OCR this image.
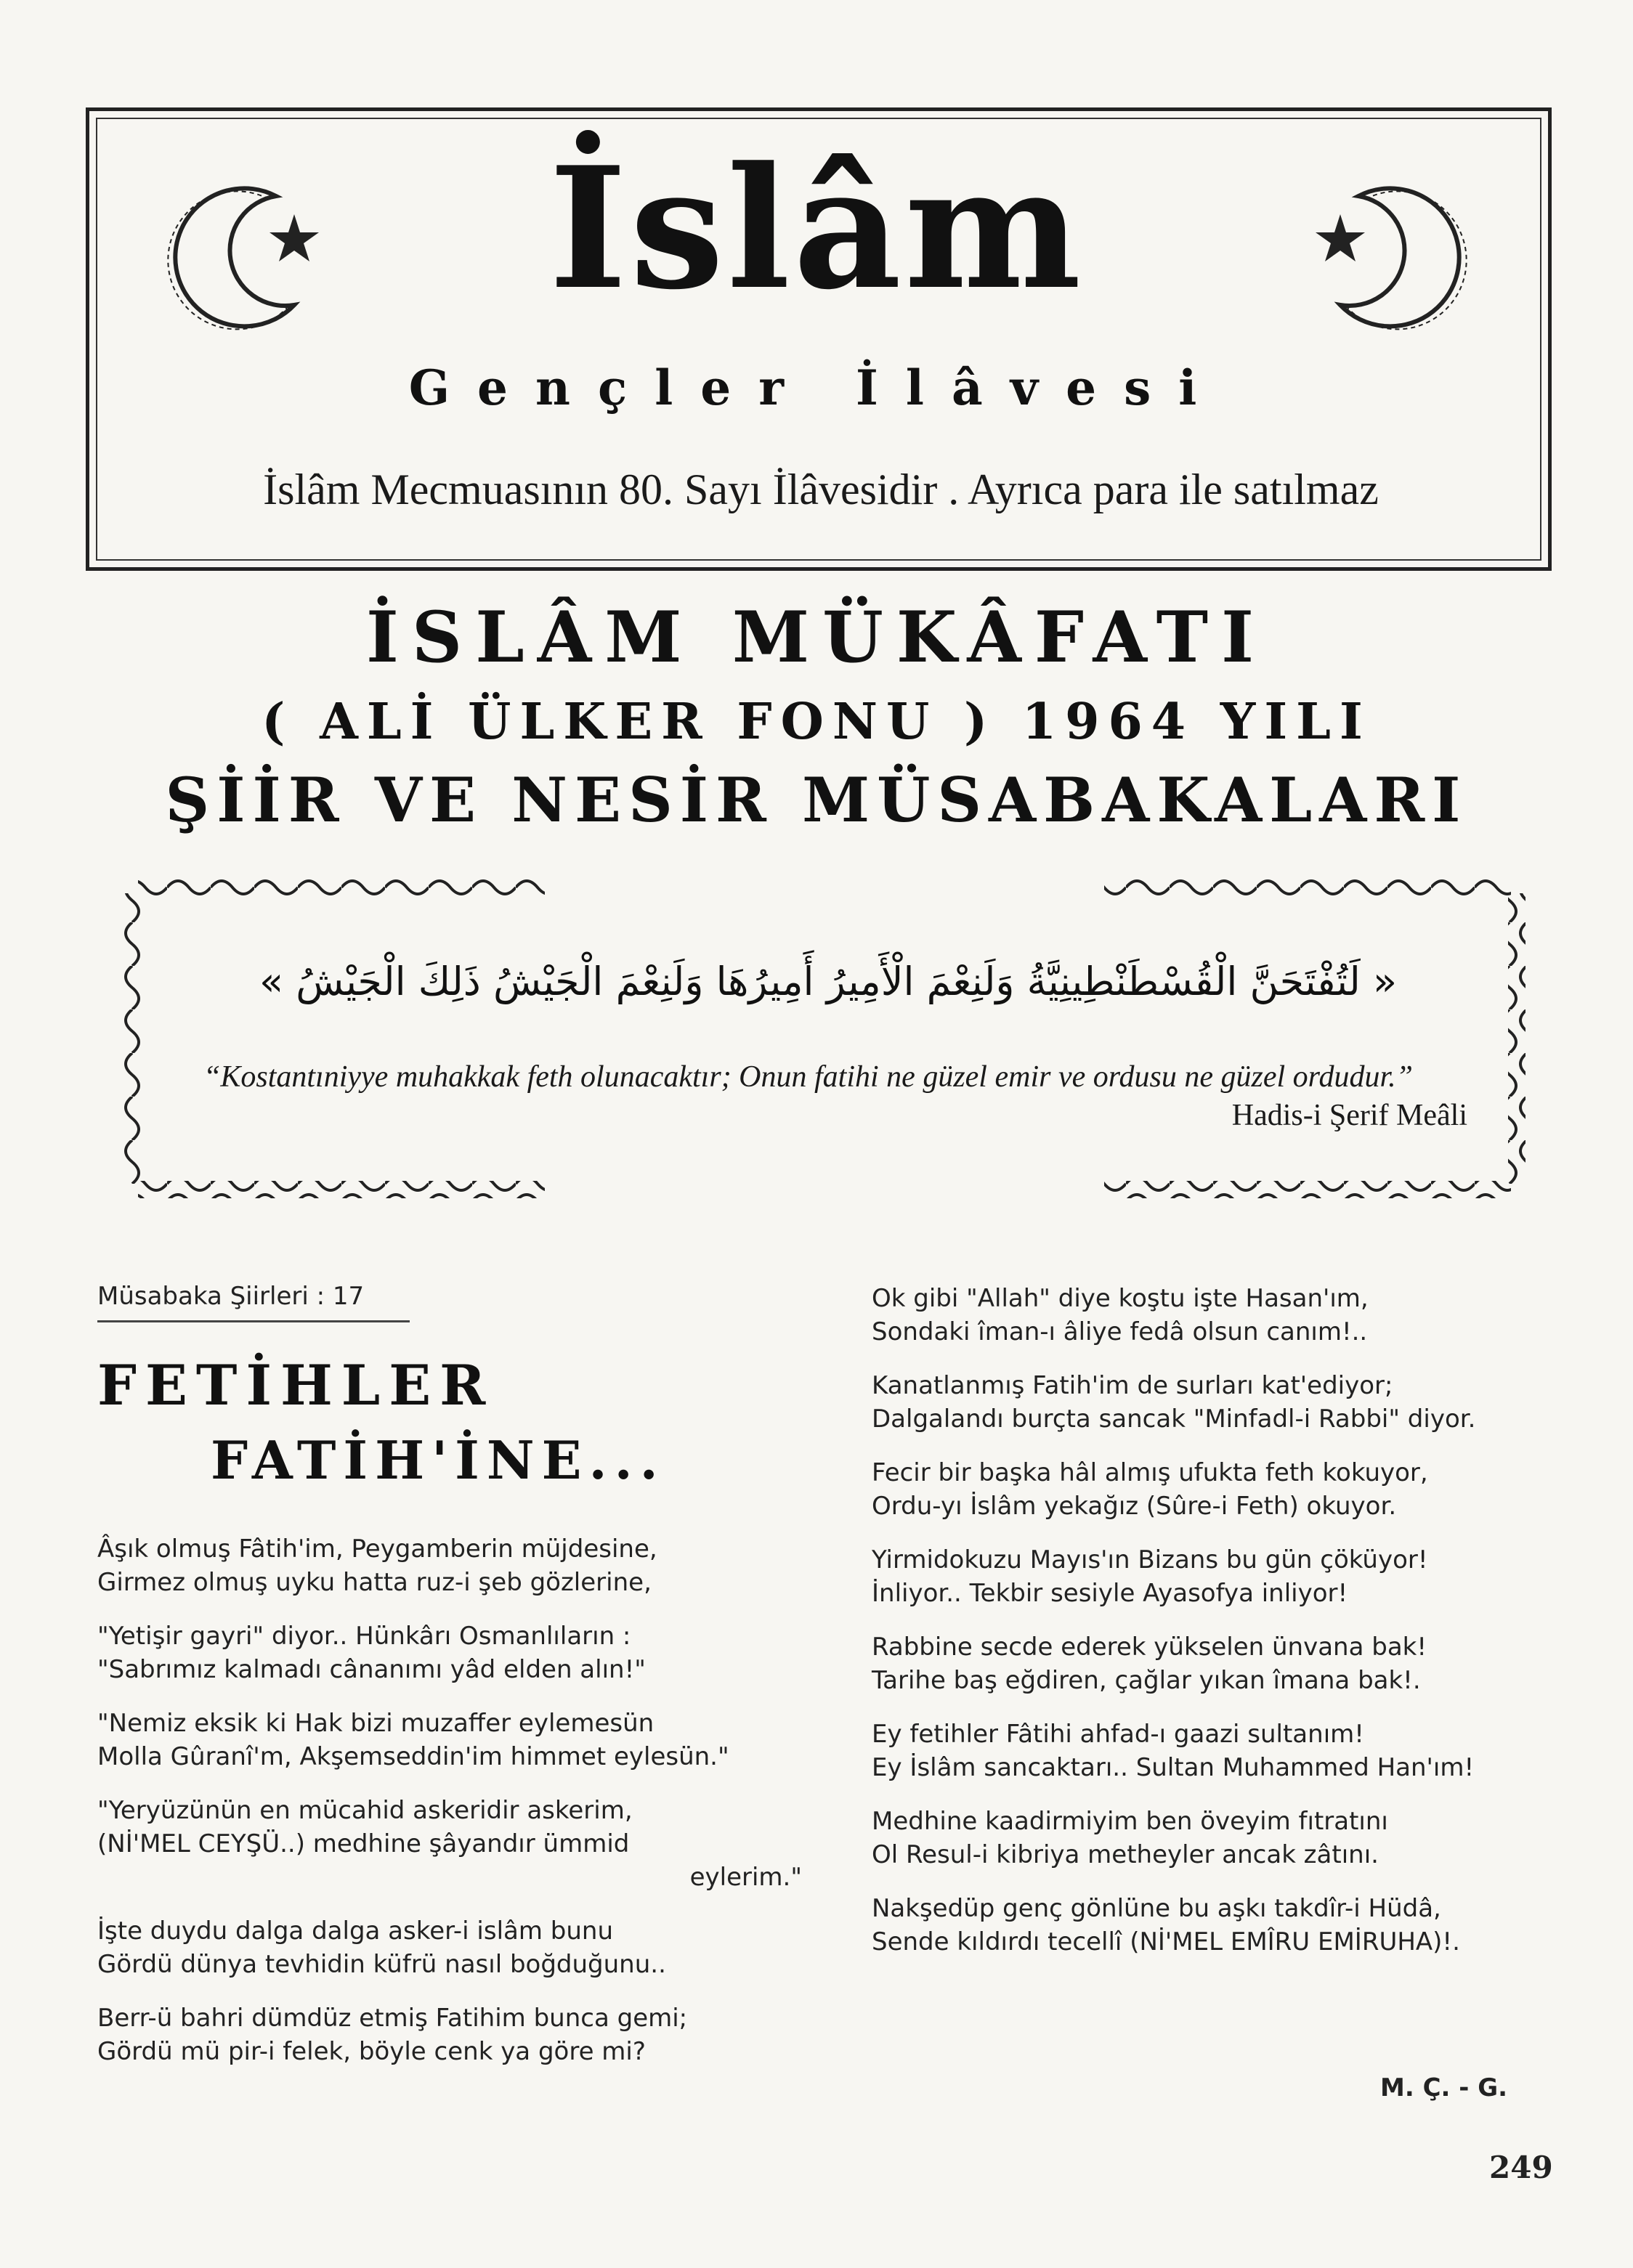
İslâm
Gençler İlâvesi
İslâm Mecmuasının 80. Sayı İlâvesidir . Ayrıca para ile satılmaz
İSLÂM MÜKÂFATI
( ALİ ÜLKER FONU ) 1964 YILI
ŞİİR VE NESİR MÜSABAKALARI
« لَتُفْتَحَنَّ الْقُسْطَنْطِينِيَّةُ وَلَنِعْمَ الْأَمِيرُ أَمِيرُهَا وَلَنِعْمَ الْجَيْشُ ذَلِكَ الْجَيْشُ »
“Kostantıniyye muhakkak feth olunacaktır; Onun fatihi ne güzel emir ve ordusu ne güzel ordudur.”
Hadis-i Şerif Meâli
Müsabaka Şiirleri : 17
FETİHLER
FATİH'İNE...
Âşık olmuş Fâtih'im, Peygamberin müjdesine,
Girmez olmuş uyku hatta ruz-i şeb gözlerine,
"Yetişir gayri" diyor.. Hünkârı Osmanlıların :
"Sabrımız kalmadı cânanımı yâd elden alın!"
"Nemiz eksik ki Hak bizi muzaffer eylemesün
Molla Gûranî'm, Akşemseddin'im himmet eylesün."
"Yeryüzünün en mücahid askeridir askerim,
(Nİ'MEL CEYŞÜ..) medhine şâyandır ümmid
eylerim."
İşte duydu dalga dalga asker-i islâm bunu
Gördü dünya tevhidin küfrü nasıl boğduğunu..
Berr-ü bahri dümdüz etmiş Fatihim bunca gemi;
Gördü mü pir-i felek, böyle cenk ya göre mi?
Ok gibi "Allah" diye koştu işte Hasan'ım,
Sondaki îman-ı âliye fedâ olsun canım!..
Kanatlanmış Fatih'im de surları kat'ediyor;
Dalgalandı burçta sancak "Minfadl-i Rabbi" diyor.
Fecir bir başka hâl almış ufukta feth kokuyor,
Ordu-yı İslâm yekağız (Sûre-i Feth) okuyor.
Yirmidokuzu Mayıs'ın Bizans bu gün çöküyor!
İnliyor.. Tekbir sesiyle Ayasofya inliyor!
Rabbine secde ederek yükselen ünvana bak!
Tarihe baş eğdiren, çağlar yıkan îmana bak!.
Ey fetihler Fâtihi ahfad-ı gaazi sultanım!
Ey İslâm sancaktarı.. Sultan Muhammed Han'ım!
Medhine kaadirmiyim ben öveyim fıtratını
Ol Resul-i kibriya metheyler ancak zâtını.
Nakşedüp genç gönlüne bu aşkı takdîr-i Hüdâ,
Sende kıldırdı tecellî (Nİ'MEL EMÎRU EMİRUHA)!.
M. Ç. - G.
249
